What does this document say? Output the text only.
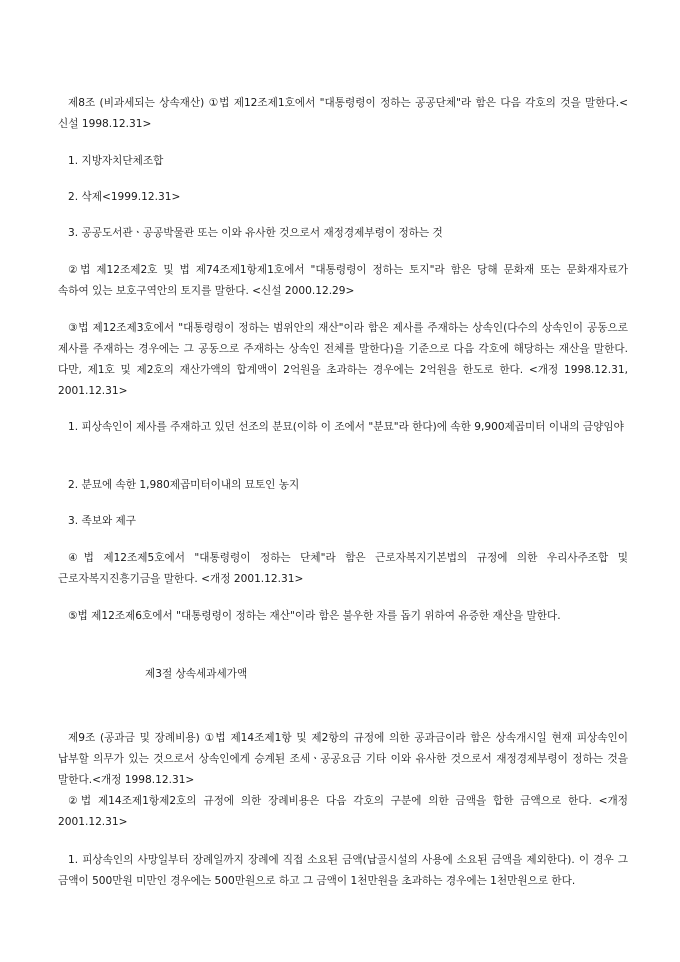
제8조 (비과세되는 상속재산) ①법 제12조제1호에서 "대통령령이 정하는 공공단체"라 함은 다음 각호의 것을 말한다.<신설 1998.12.31>

1. 지방자치단체조합

2. 삭제<1999.12.31>

3. 공공도서관ㆍ공공박물관 또는 이와 유사한 것으로서 재정경제부령이 정하는 것

②법 제12조제2호 및 법 제74조제1항제1호에서 "대통령령이 정하는 토지"라 함은 당해 문화재 또는 문화재자료가 속하여 있는 보호구역안의 토지를 말한다. <신설 2000.12.29>

③법 제12조제3호에서 "대통령령이 정하는 범위안의 재산"이라 함은 제사를 주재하는 상속인(다수의 상속인이 공동으로 제사를 주재하는 경우에는 그 공동으로 주재하는 상속인 전체를 말한다)을 기준으로 다음 각호에 해당하는 재산을 말한다. 다만, 제1호 및 제2호의 재산가액의 합계액이 2억원을 초과하는 경우에는 2억원을 한도로 한다. <개정 1998.12.31, 2001.12.31>

1. 피상속인이 제사를 주재하고 있던 선조의 분묘(이하 이 조에서 "분묘"라 한다)에 속한 9,900제곱미터 이내의 금양임야

2. 분묘에 속한 1,980제곱미터이내의 묘토인 농지

3. 족보와 제구

④법 제12조제5호에서 "대통령령이 정하는 단체"라 함은 근로자복지기본법의 규정에 의한 우리사주조합 및 근로자복지진흥기금을 말한다. <개정 2001.12.31>

⑤법 제12조제6호에서 "대통령령이 정하는 재산"이라 함은 불우한 자를 돕기 위하여 유증한 재산을 말한다.

제3절 상속세과세가액

제9조 (공과금 및 장례비용) ①법 제14조제1항 및 제2항의 규정에 의한 공과금이라 함은 상속개시일 현재 피상속인이 납부할 의무가 있는 것으로서 상속인에게 승계된 조세ㆍ공공요금 기타 이와 유사한 것으로서 재정경제부령이 정하는 것을 말한다.<개정 1998.12.31>

②법 제14조제1항제2호의 규정에 의한 장례비용은 다음 각호의 구분에 의한 금액을 합한 금액으로 한다. <개정 2001.12.31>

1. 피상속인의 사망일부터 장례일까지 장례에 직접 소요된 금액(납골시설의 사용에 소요된 금액을 제외한다). 이 경우 그 금액이 500만원 미만인 경우에는 500만원으로 하고 그 금액이 1천만원을 초과하는 경우에는 1천만원으로 한다.
